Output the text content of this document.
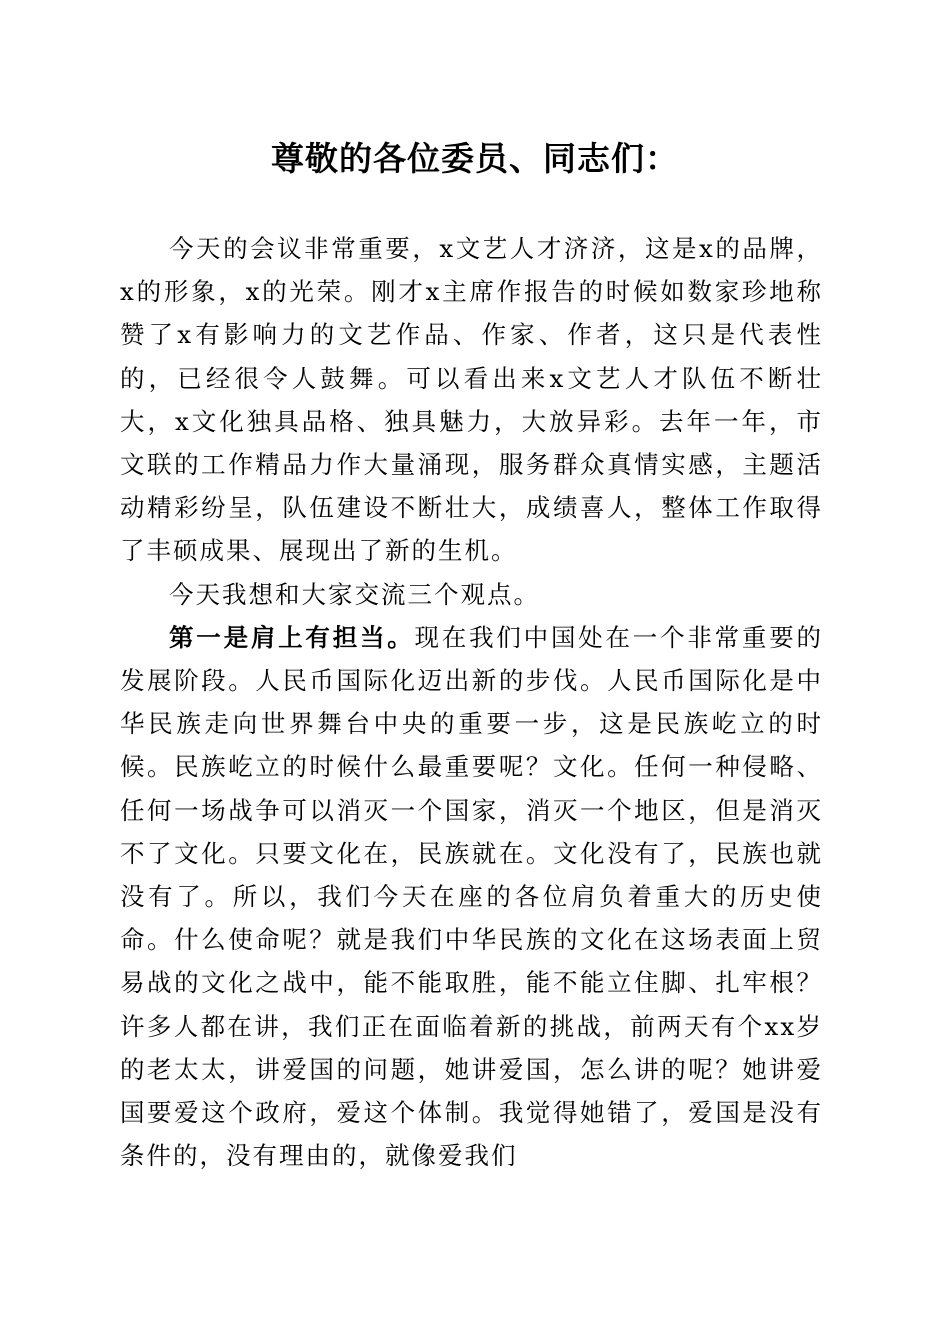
尊敬的各位委员、同志们：

今天的会议非常重要，x文艺人才济济，这是x的品牌，x的形象，x的光荣。刚才x主席作报告的时候如数家珍地称赞了x有影响力的文艺作品、作家、作者，这只是代表性的，已经很令人鼓舞。可以看出来x文艺人才队伍不断壮大，x文化独具品格、独具魅力，大放异彩。去年一年，市文联的工作精品力作大量涌现，服务群众真情实感，主题活动精彩纷呈，队伍建设不断壮大，成绩喜人，整体工作取得了丰硕成果、展现出了新的生机。

今天我想和大家交流三个观点。

第一是肩上有担当。现在我们中国处在一个非常重要的发展阶段。人民币国际化迈出新的步伐。人民币国际化是中华民族走向世界舞台中央的重要一步，这是民族屹立的时候。民族屹立的时候什么最重要呢？文化。任何一种侵略、任何一场战争可以消灭一个国家，消灭一个地区，但是消灭不了文化。只要文化在，民族就在。文化没有了，民族也就没有了。所以，我们今天在座的各位肩负着重大的历史使命。什么使命呢？就是我们中华民族的文化在这场表面上贸易战的文化之战中，能不能取胜，能不能立住脚、扎牢根？许多人都在讲，我们正在面临着新的挑战，前两天有个xx岁的老太太，讲爱国的问题，她讲爱国，怎么讲的呢？她讲爱国要爱这个政府，爱这个体制。我觉得她错了，爱国是没有条件的，没有理由的，就像爱我们
